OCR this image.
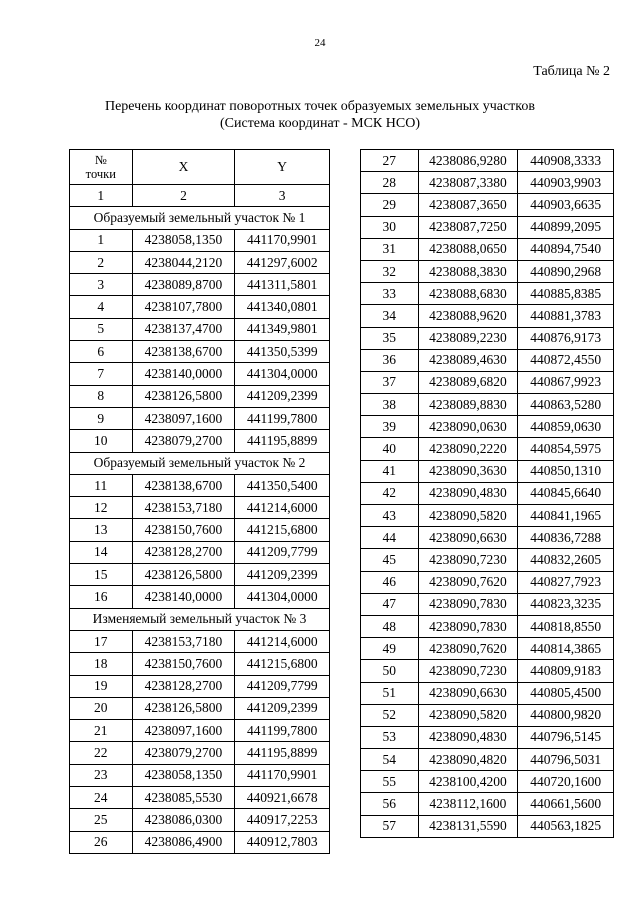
24
Таблица № 2
Перечень координат поворотных точек образуемых земельных участков
(Система координат - МСК НСО)
№
точки	X	Y
1	2	3
Образуемый земельный участок № 1		
1	4238058,1350	441170,9901
2	4238044,2120	441297,6002
3	4238089,8700	441311,5801
4	4238107,7800	441340,0801
5	4238137,4700	441349,9801
6	4238138,6700	441350,5399
7	4238140,0000	441304,0000
8	4238126,5800	441209,2399
9	4238097,1600	441199,7800
10	4238079,2700	441195,8899
Образуемый земельный участок № 2		
11	4238138,6700	441350,5400
12	4238153,7180	441214,6000
13	4238150,7600	441215,6800
14	4238128,2700	441209,7799
15	4238126,5800	441209,2399
16	4238140,0000	441304,0000
Изменяемый земельный участок № 3		
17	4238153,7180	441214,6000
18	4238150,7600	441215,6800
19	4238128,2700	441209,7799
20	4238126,5800	441209,2399
21	4238097,1600	441199,7800
22	4238079,2700	441195,8899
23	4238058,1350	441170,9901
24	4238085,5530	440921,6678
25	4238086,0300	440917,2253
26	4238086,4900	440912,7803
27	4238086,9280	440908,3333
28	4238087,3380	440903,9903
29	4238087,3650	440903,6635
30	4238087,7250	440899,2095
31	4238088,0650	440894,7540
32	4238088,3830	440890,2968
33	4238088,6830	440885,8385
34	4238088,9620	440881,3783
35	4238089,2230	440876,9173
36	4238089,4630	440872,4550
37	4238089,6820	440867,9923
38	4238089,8830	440863,5280
39	4238090,0630	440859,0630
40	4238090,2220	440854,5975
41	4238090,3630	440850,1310
42	4238090,4830	440845,6640
43	4238090,5820	440841,1965
44	4238090,6630	440836,7288
45	4238090,7230	440832,2605
46	4238090,7620	440827,7923
47	4238090,7830	440823,3235
48	4238090,7830	440818,8550
49	4238090,7620	440814,3865
50	4238090,7230	440809,9183
51	4238090,6630	440805,4500
52	4238090,5820	440800,9820
53	4238090,4830	440796,5145
54	4238090,4820	440796,5031
55	4238100,4200	440720,1600
56	4238112,1600	440661,5600
57	4238131,5590	440563,1825
